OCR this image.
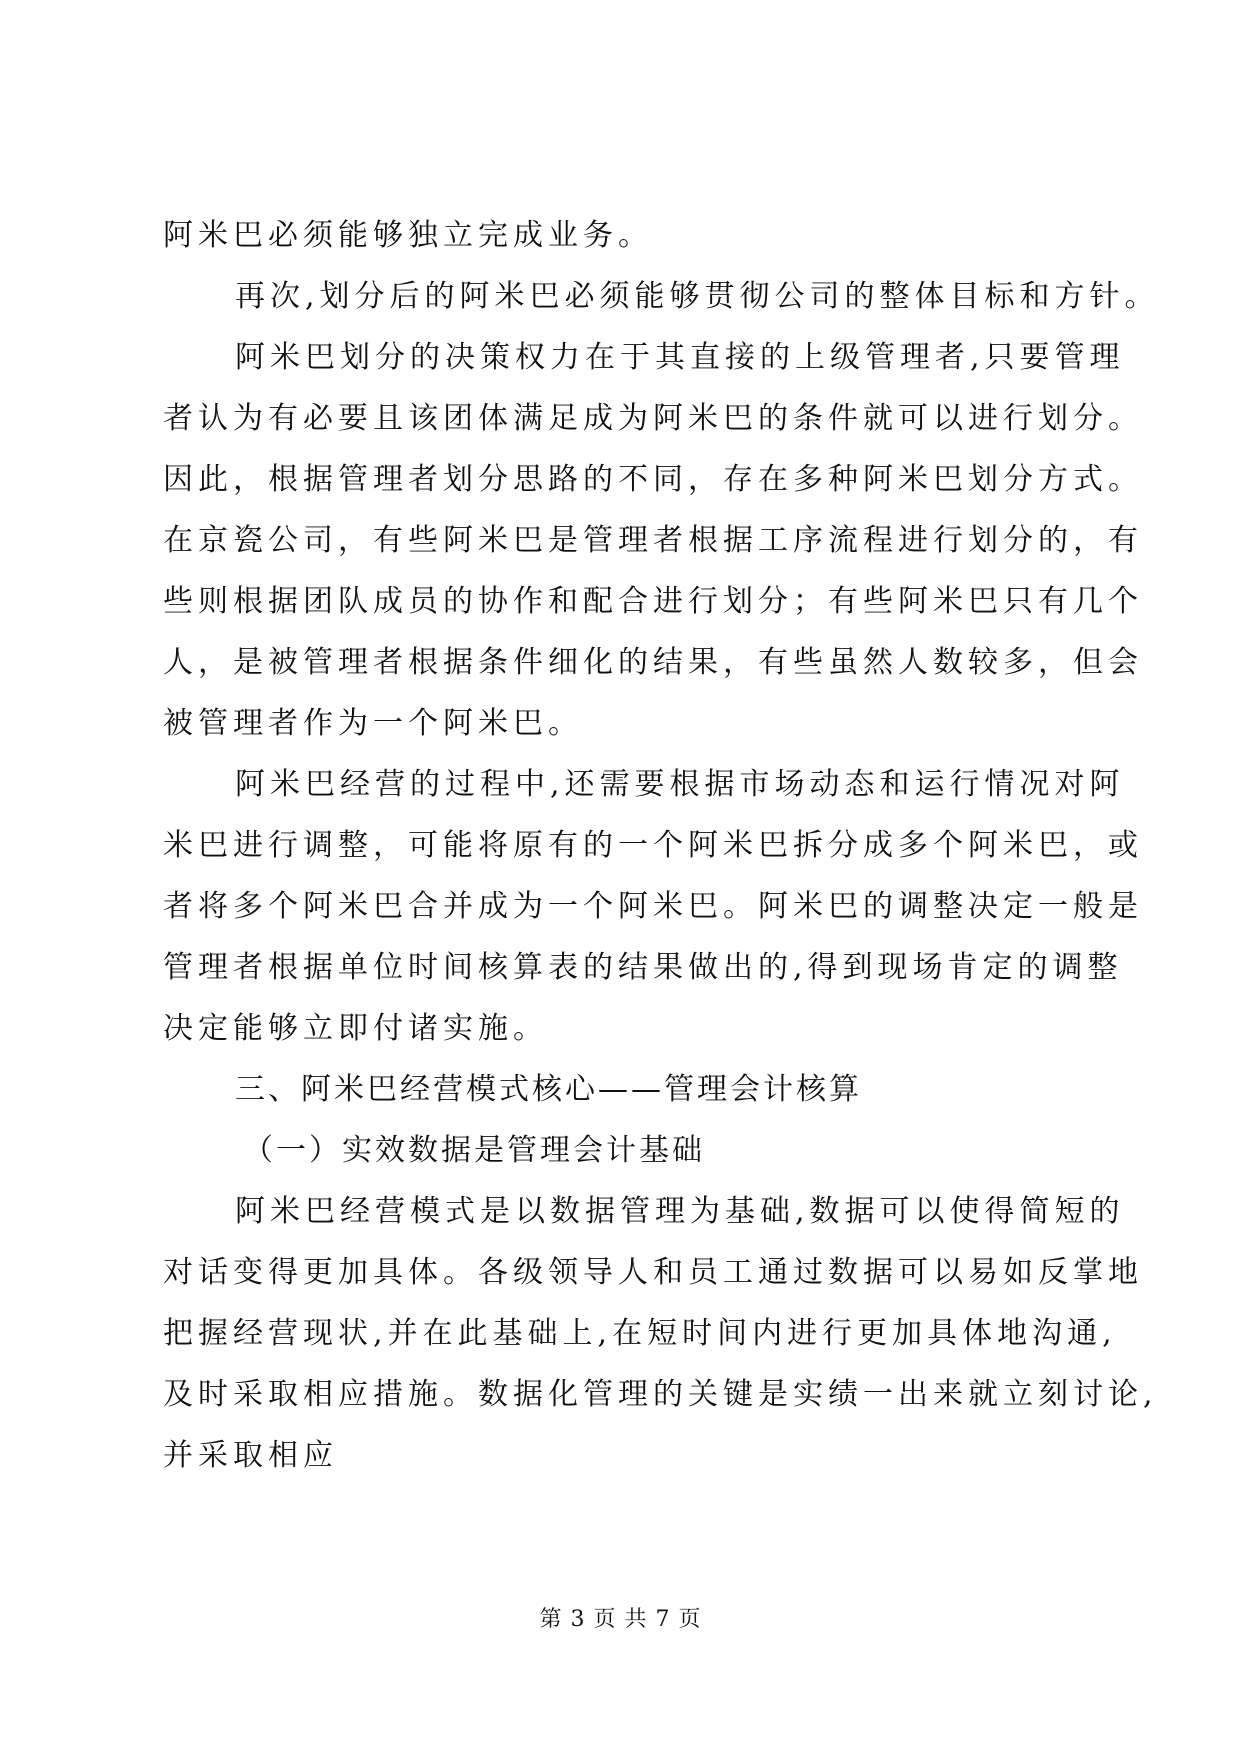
阿米巴必须能够独立完成业务。
再次,划分后的阿米巴必须能够贯彻公司的整体目标和方针。
阿米巴划分的决策权力在于其直接的上级管理者,只要管理
者认为有必要且该团体满足成为阿米巴的条件就可以进行划分。
因此，根据管理者划分思路的不同，存在多种阿米巴划分方式。
在京瓷公司，有些阿米巴是管理者根据工序流程进行划分的，有
些则根据团队成员的协作和配合进行划分；有些阿米巴只有几个
人，是被管理者根据条件细化的结果，有些虽然人数较多，但会
被管理者作为一个阿米巴。
阿米巴经营的过程中,还需要根据市场动态和运行情况对阿
米巴进行调整，可能将原有的一个阿米巴拆分成多个阿米巴，或
者将多个阿米巴合并成为一个阿米巴。阿米巴的调整决定一般是
管理者根据单位时间核算表的结果做出的,得到现场肯定的调整
决定能够立即付诸实施。
三、阿米巴经营模式核心——管理会计核算
（一）实效数据是管理会计基础
阿米巴经营模式是以数据管理为基础,数据可以使得简短的
对话变得更加具体。各级领导人和员工通过数据可以易如反掌地
把握经营现状,并在此基础上,在短时间内进行更加具体地沟通,
及时采取相应措施。数据化管理的关键是实绩一出来就立刻讨论,
并采取相应
第 3 页 共 7 页
